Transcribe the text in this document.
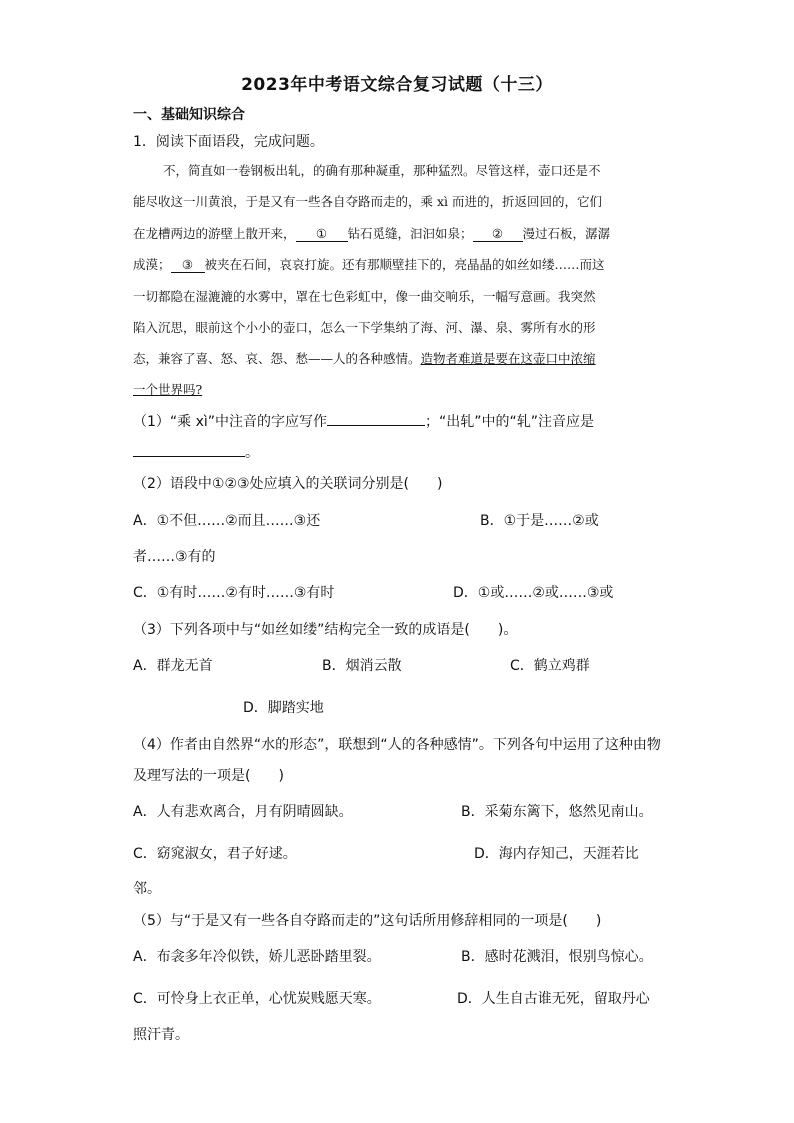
2023年中考语文综合复习试题（十三）
一、基础知识综合
1．阅读下面语段，完成问题。
不，简直如一卷钢板出轧，的确有那种凝重，那种猛烈。尽管这样，壶口还是不
能尽收这一川黄浪，于是又有一些各自夺路而走的，乘 xì 而进的，折返回回的，它们
在龙槽两边的游壁上散开来， ① 钻石觅缝，汩汩如泉； ② 漫过石板，潺潺
成漠； ③ 被夹在石间，哀哀打旋。还有那顺壁挂下的，亮晶晶的如丝如缕……而这
一切都隐在湿漉漉的水雾中，罩在七色彩虹中，像一曲交响乐，一幅写意画。我突然
陷入沉思，眼前这个小小的壶口，怎么一下学集纳了海、河、瀑、泉、雾所有水的形
态，兼容了喜、怒、哀、怨、愁——人的各种感情。造物者难道是要在这壶口中浓缩
一个世界吗?
（1）“乘 xì”中注音的字应写作	；“出轧”中的“轧”注音应是
。
（2）语段中①②③处应填入的关联词分别是(　　)
A．①不但……②而且……③还	B．①于是……②或
者……③有的
C．①有时……②有时……③有时	D．①或……②或……③或
（3）下列各项中与“如丝如缕”结构完全一致的成语是(　　)。
A．群龙无首	B．烟消云散	C．鹤立鸡群
D．脚踏实地
（4）作者由自然界“水的形态”，联想到“人的各种感情”。下列各句中运用了这种由物
及理写法的一项是(　　)
A．人有悲欢离合，月有阴晴圆缺。	B．采菊东篱下，悠然见南山。
C．窈窕淑女，君子好逑。	D．海内存知己，天涯若比
邻。
（5）与“于是又有一些各自夺路而走的”这句话所用修辞相同的一项是(　　)
A．布衾多年冷似铁，娇儿恶卧踏里裂。	B．感时花溅泪，恨别鸟惊心。
C．可怜身上衣正单，心忧炭贱愿天寒。	D．人生自古谁无死，留取丹心
照汗青。
